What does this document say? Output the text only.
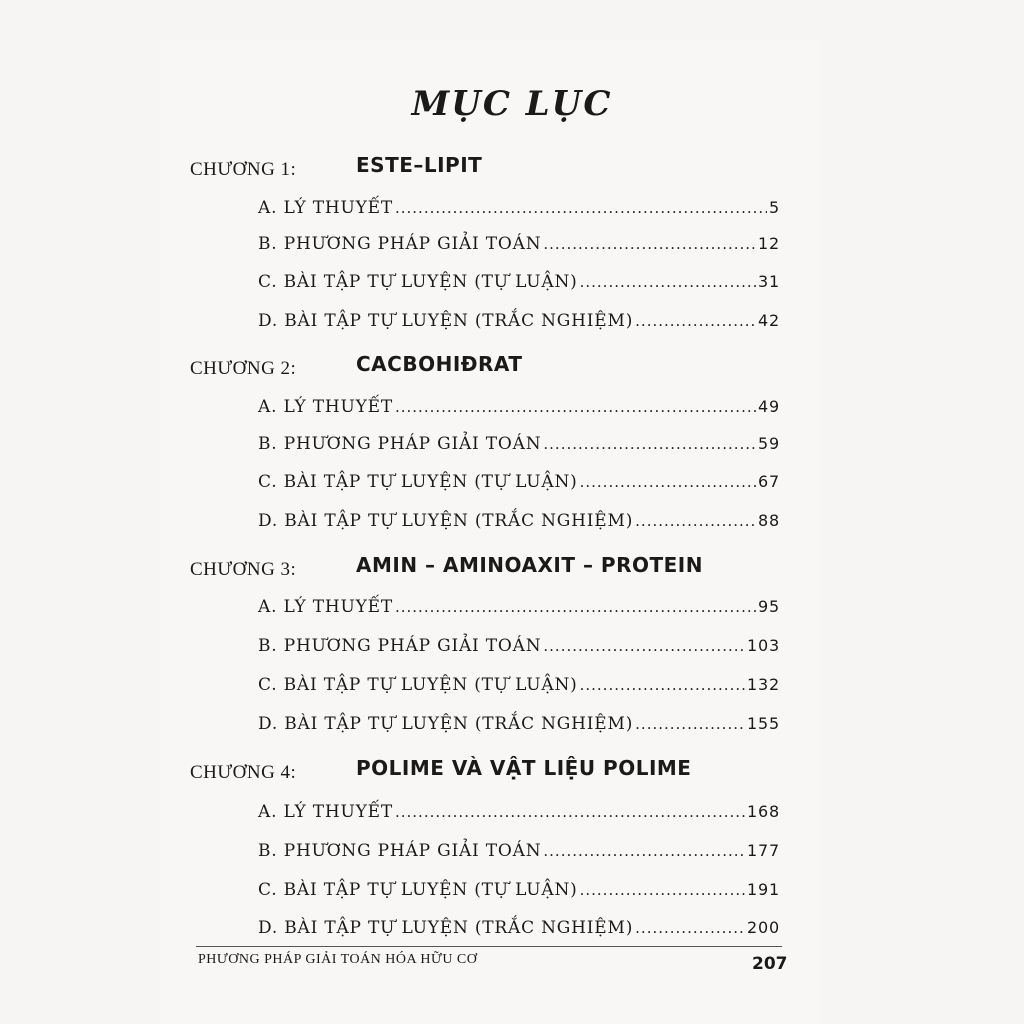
MỤC LỤC
CHƯƠNG 1:	ESTE–LIPIT
A. LÝ THUYẾT .....	5
B. PHƯƠNG PHÁP GIẢI TOÁN .....	12
C. BÀI TẬP TỰ LUYỆN (TỰ LUẬN) .....	31
D. BÀI TẬP TỰ LUYỆN (TRẮC NGHIỆM) .....	42
CHƯƠNG 2:	CACBOHIĐRAT
A. LÝ THUYẾT .....	49
B. PHƯƠNG PHÁP GIẢI TOÁN .....	59
C. BÀI TẬP TỰ LUYỆN (TỰ LUẬN) .....	67
D. BÀI TẬP TỰ LUYỆN (TRẮC NGHIỆM) .....	88
CHƯƠNG 3:	AMIN – AMINOAXIT – PROTEIN
A. LÝ THUYẾT .....	95
B. PHƯƠNG PHÁP GIẢI TOÁN .....	103
C. BÀI TẬP TỰ LUYỆN (TỰ LUẬN) .....	132
D. BÀI TẬP TỰ LUYỆN (TRẮC NGHIỆM) .....	155
CHƯƠNG 4:	POLIME VÀ VẬT LIỆU POLIME
A. LÝ THUYẾT .....	168
B. PHƯƠNG PHÁP GIẢI TOÁN .....	177
C. BÀI TẬP TỰ LUYỆN (TỰ LUẬN) .....	191
D. BÀI TẬP TỰ LUYỆN (TRẮC NGHIỆM) .....	200
PHƯƠNG PHÁP GIẢI TOÁN HÓA HỮU CƠ	207
